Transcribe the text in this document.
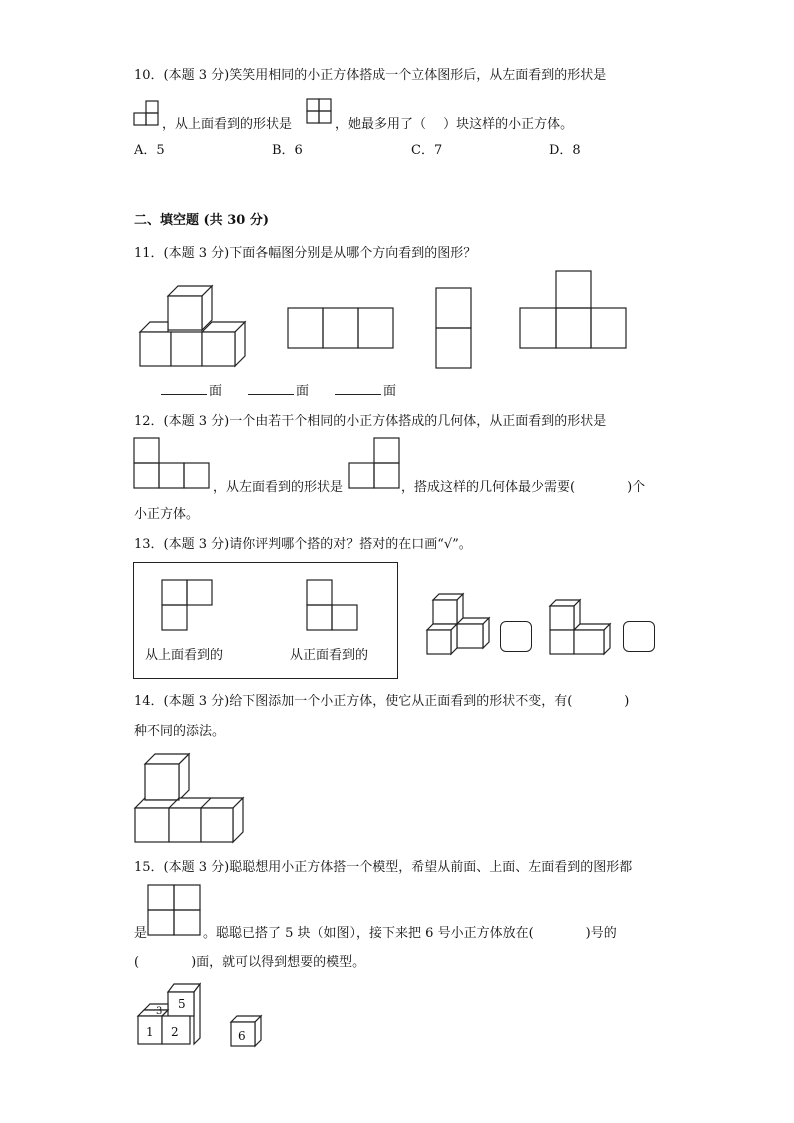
10．(本题 3 分)笑笑用相同的小正方体搭成一个立体图形后，从左面看到的形状是
，从上面看到的形状是	，她最多用了（　 ）块这样的小正方体。
A．5	B．6	C．7	D．8
二、填空题 (共 30 分)
11．(本题 3 分)下面各幅图分别是从哪个方向看到的图形？
面	面	面
12．(本题 3 分)一个由若干个相同的小正方体搭成的几何体，从正面看到的形状是
，从左面看到的形状是	，搭成这样的几何体最少需要(　　　　)个
小正方体。
13．(本题 3 分)请你评判哪个搭的对？搭对的在口画“√”。
从上面看到的	从正面看到的
14．(本题 3 分)给下图添加一个小正方体，使它从正面看到的形状不变，有(　　　　)
种不同的添法。
15．(本题 3 分)聪聪想用小正方体搭一个模型，希望从前面、上面、左面看到的图形都
是	。聪聪已搭了 5 块（如图），接下来把 6 号小正方体放在(　　　　)号的
(　　　　)面，就可以得到想要的模型。
5
3
1 2	6
